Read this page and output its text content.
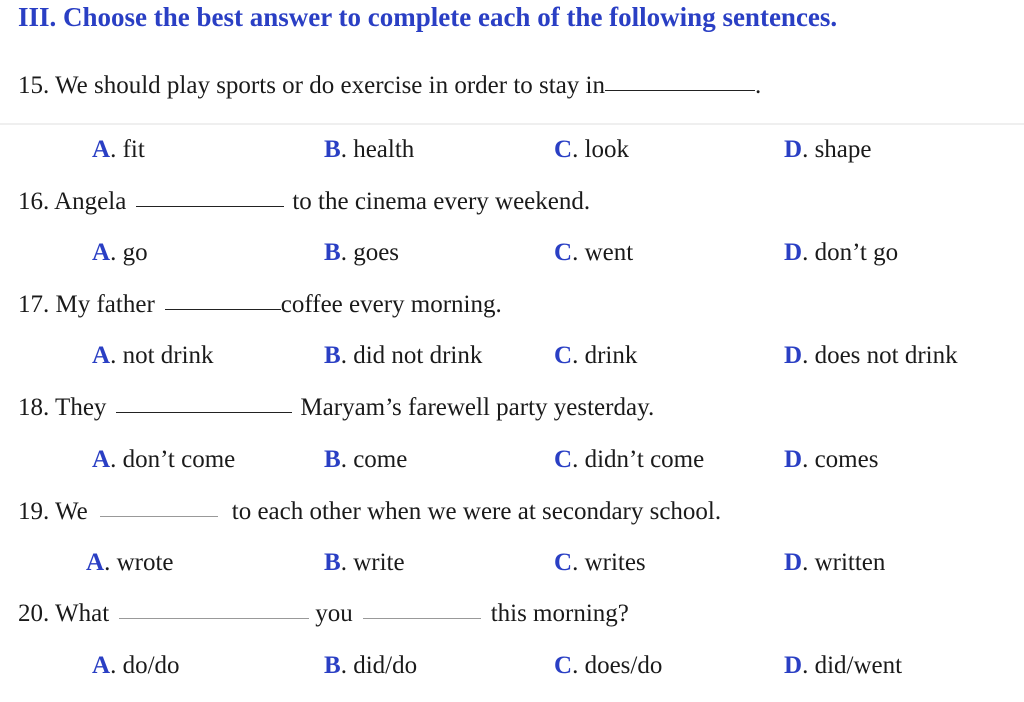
III. Choose the best answer to complete each of the following sentences.
15. We should play sports or do exercise in order to stay in	.
A. fit	B. health	C. look	D. shape
16. Angela	to the cinema every weekend.
A. go	B. goes	C. went	D. don’t go
17. My father	coffee every morning.
A. not drink	B. did not drink	C. drink	D. does not drink
18. They	Maryam’s farewell party yesterday.
A. don’t come	B. come	C. didn’t come	D. comes
19. We	to each other when we were at secondary school.
A. wrote	B. write	C. writes	D. written
20. What	you	this morning?
A. do/do	B. did/do	C. does/do	D. did/went
